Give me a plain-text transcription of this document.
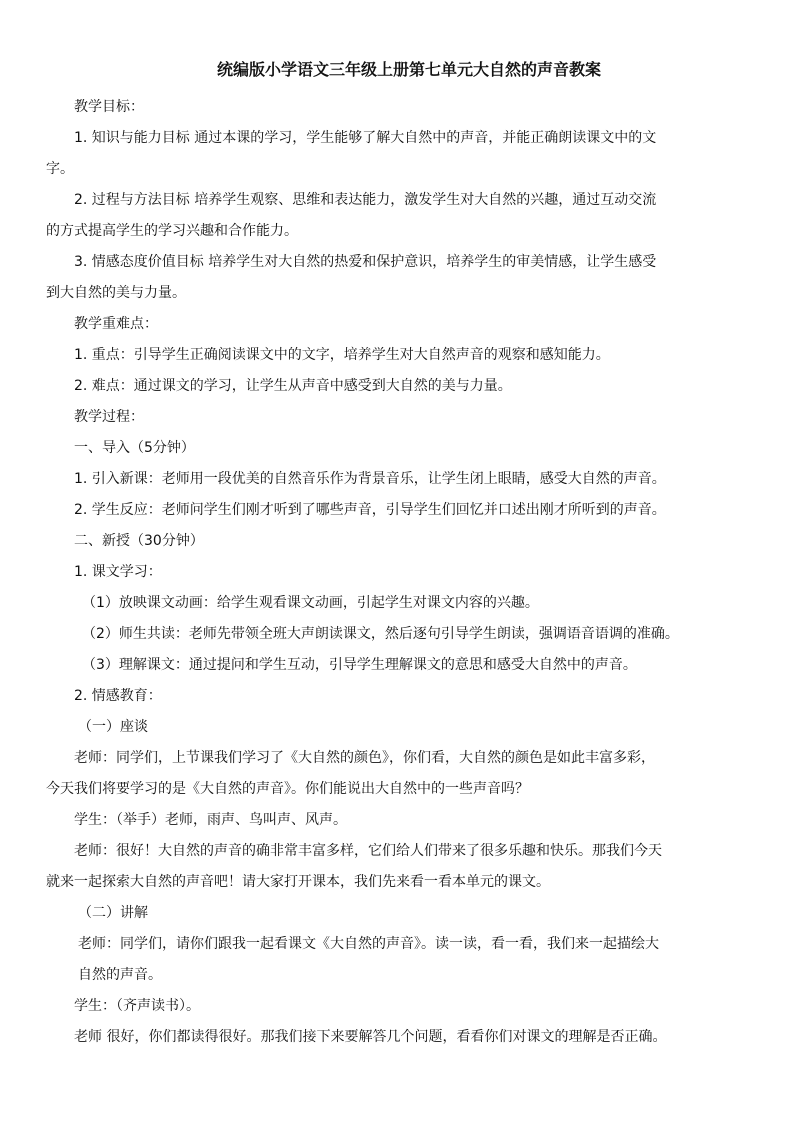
统编版小学语文三年级上册第七单元大自然的声音教案
教学目标：
1. 知识与能力目标 通过本课的学习，学生能够了解大自然中的声音，并能正确朗读课文中的文
字。
2. 过程与方法目标 培养学生观察、思维和表达能力，激发学生对大自然的兴趣，通过互动交流
的方式提高学生的学习兴趣和合作能力。
3. 情感态度价值目标 培养学生对大自然的热爱和保护意识，培养学生的审美情感，让学生感受
到大自然的美与力量。
教学重难点：
1. 重点：引导学生正确阅读课文中的文字，培养学生对大自然声音的观察和感知能力。
2. 难点：通过课文的学习，让学生从声音中感受到大自然的美与力量。
教学过程：
一、导入（5分钟）
1. 引入新课：老师用一段优美的自然音乐作为背景音乐，让学生闭上眼睛，感受大自然的声音。
2. 学生反应：老师问学生们刚才听到了哪些声音，引导学生们回忆并口述出刚才所听到的声音。
二、新授（30分钟）
1. 课文学习：
（1）放映课文动画：给学生观看课文动画，引起学生对课文内容的兴趣。
（2）师生共读：老师先带领全班大声朗读课文，然后逐句引导学生朗读，强调语音语调的准确。
（3）理解课文：通过提问和学生互动，引导学生理解课文的意思和感受大自然中的声音。
2. 情感教育：
（一）座谈
老师：同学们，上节课我们学习了《大自然的颜色》，你们看，大自然的颜色是如此丰富多彩，
今天我们将要学习的是《大自然的声音》。你们能说出大自然中的一些声音吗？
学生：（举手）老师，雨声、鸟叫声、风声。
老师：很好！大自然的声音的确非常丰富多样，它们给人们带来了很多乐趣和快乐。那我们今天
就来一起探索大自然的声音吧！请大家打开课本，我们先来看一看本单元的课文。
（二）讲解
老师：同学们，请你们跟我一起看课文《大自然的声音》。读一读，看一看，我们来一起描绘大
自然的声音。
学生：（齐声读书）。
老师 很好，你们都读得很好。那我们接下来要解答几个问题，看看你们对课文的理解是否正确。
